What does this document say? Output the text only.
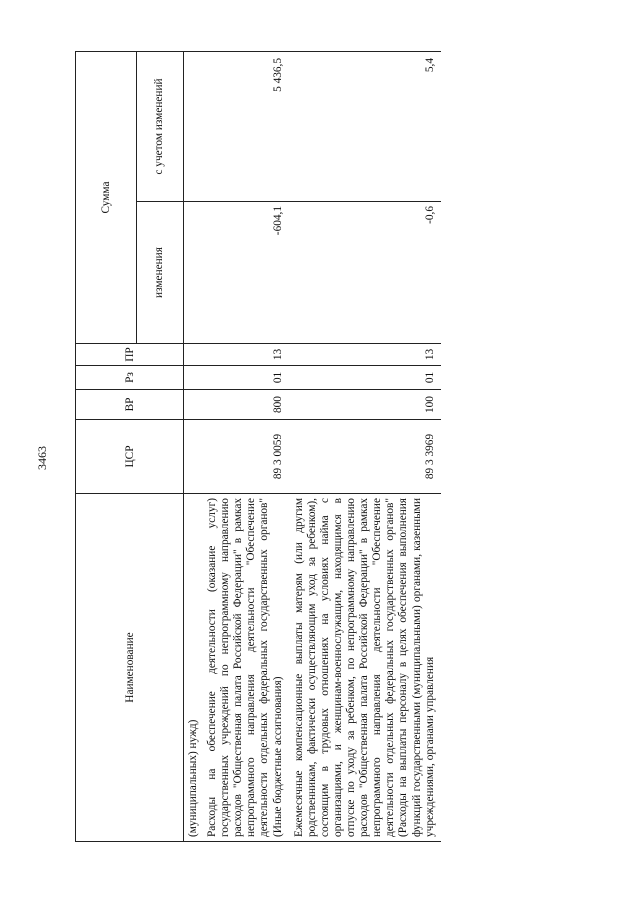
3463
Наименование	ЦСР	ВР	Рз	ПР	Сумма	
					изменения	с учетом изменений
(муниципальных) нужд)						
Расходы на обеспечение деятельности (оказание услуг) государственных учреждений по непрограммному направлению расходов "Общественная палата Российской Федерации" в рамках непрограммного направления деятельности "Обеспечение деятельности отдельных федеральных государственных органов" (Иные бюджетные ассигнования)	89 3 0059	800	01	13	-604,1	5 436,5
Ежемесячные компенсационные выплаты матерям (или другим родственникам, фактически осуществляющим уход за ребенком), состоящим в трудовых отношениях на условиях найма с организациями, и женщинам-военнослужащим, находящимся в отпуске по уходу за ребенком, по непрограммному направлению расходов "Общественная палата Российской Федерации" в рамках непрограммного направления деятельности "Обеспечение деятельности отдельных федеральных государственных органов" (Расходы на выплаты персоналу в целях обеспечения выполнения функций государственными (муниципальными) органами, казенными учреждениями, органами управления	89 3 3969	100	01	13	-0,6	5,4
